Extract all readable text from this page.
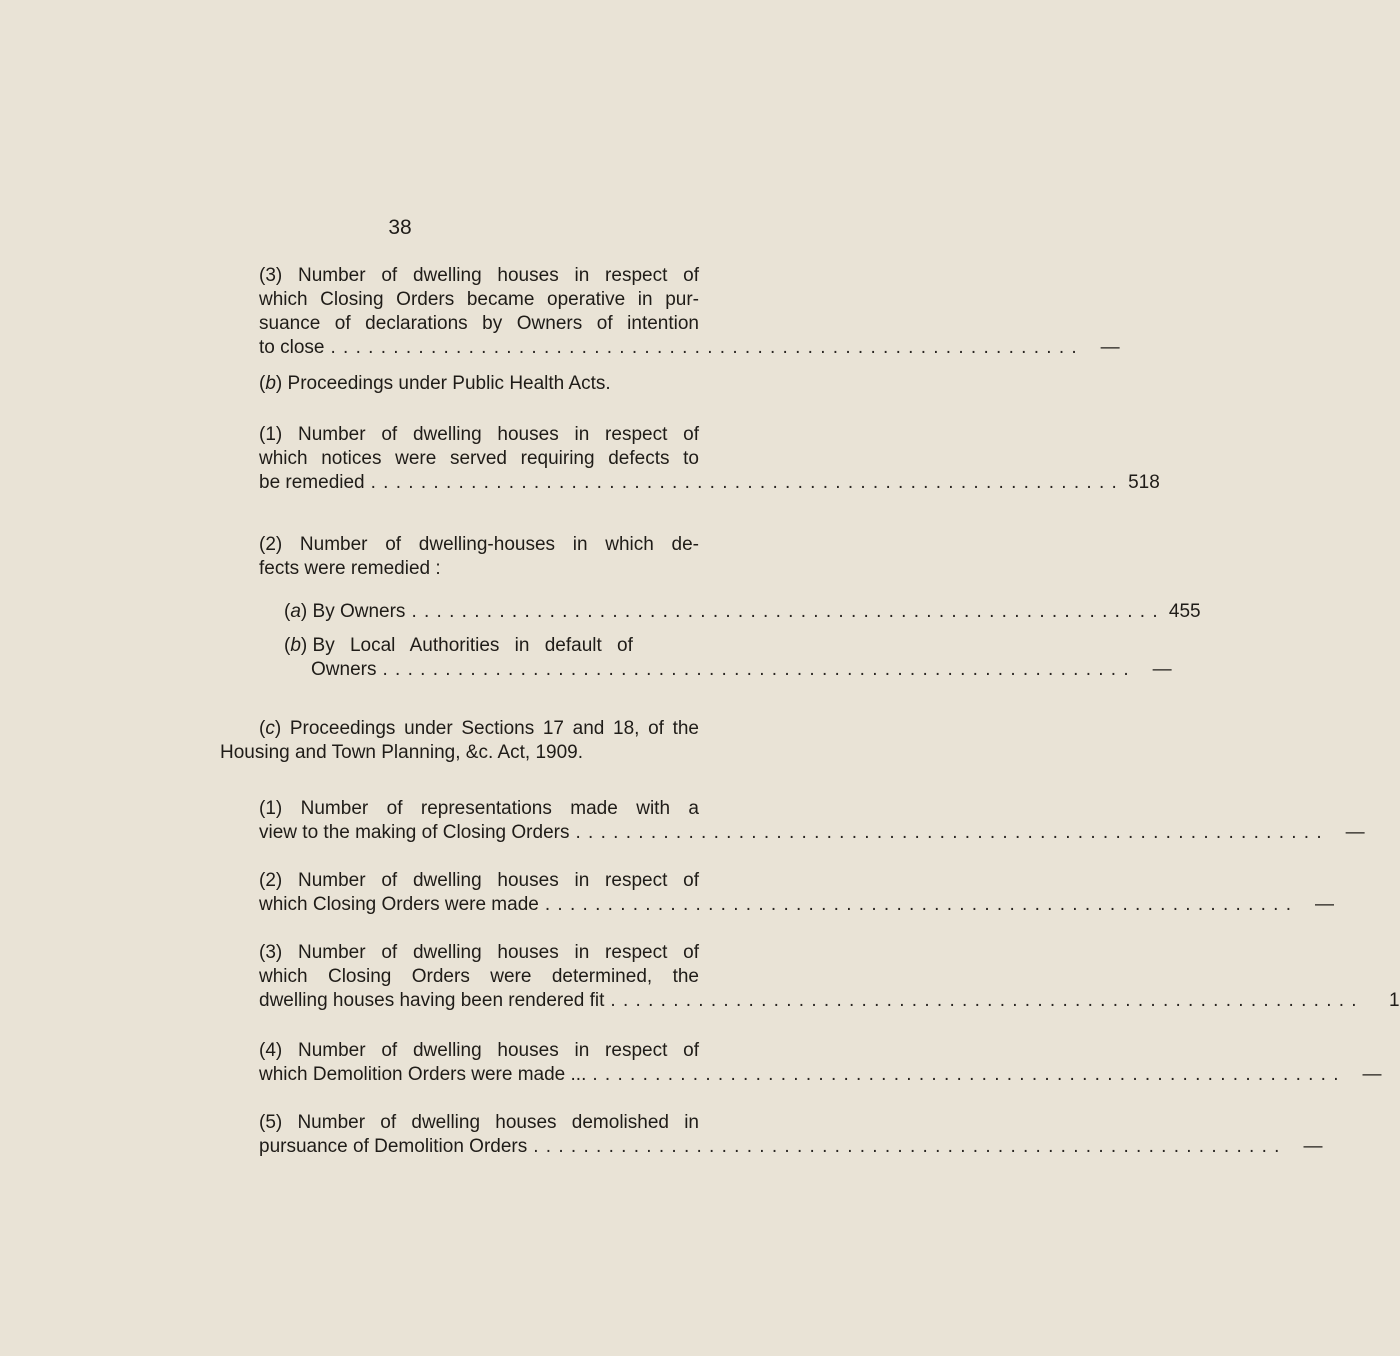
38
(3) Number of dwelling houses in respect of
which Closing Orders became operative in pur-
suance of declarations by Owners of intention
to close . . . . . . . . . . . . . . . . . . . . . . . . . . . . . . . . . . . . . . . . . . . . . . . . . . . . . . . . . . . .	—
(b) Proceedings under Public Health Acts.
(1) Number of dwelling houses in respect of
which notices were served requiring defects to
be remedied . . . . . . . . . . . . . . . . . . . . . . . . . . . . . . . . . . . . . . . . . . . . . . . . . . . . . . . . . . . . 518
(2) Number of dwelling-houses in which de-
fects were remedied :
(a) By Owners . . . . . . . . . . . . . . . . . . . . . . . . . . . . . . . . . . . . . . . . . . . . . . . . . . . . . . . . . . . . 455
(b) By Local Authorities in default of
Owners . . . . . . . . . . . . . . . . . . . . . . . . . . . . . . . . . . . . . . . . . . . . . . . . . . . . . . . . . . . .	—
(c) Proceedings under Sections 17 and 18, of the
Housing and Town Planning, &c. Act, 1909.
(1) Number of representations made with a
view to the making of Closing Orders . . . . . . . . . . . . . . . . . . . . . . . . . . . . . . . . . . . . . . . . . . . . . . . . . . . . . . . . . . . .	—
(2) Number of dwelling houses in respect of
which Closing Orders were made . . . . . . . . . . . . . . . . . . . . . . . . . . . . . . . . . . . . . . . . . . . . . . . . . . . . . . . . . . . .	—
(3) Number of dwelling houses in respect of
which Closing Orders were determined, the
dwelling houses having been rendered fit . . . . . . . . . . . . . . . . . . . . . . . . . . . . . . . . . . . . . . . . . . . . . . . . . . . . . . . . . . . .	1
(4) Number of dwelling houses in respect of
which Demolition Orders were made ... . . . . . . . . . . . . . . . . . . . . . . . . . . . . . . . . . . . . . . . . . . . . . . . . . . . . . . . . . . . .	—
(5) Number of dwelling houses demolished in
pursuance of Demolition Orders . . . . . . . . . . . . . . . . . . . . . . . . . . . . . . . . . . . . . . . . . . . . . . . . . . . . . . . . . . . .	—
